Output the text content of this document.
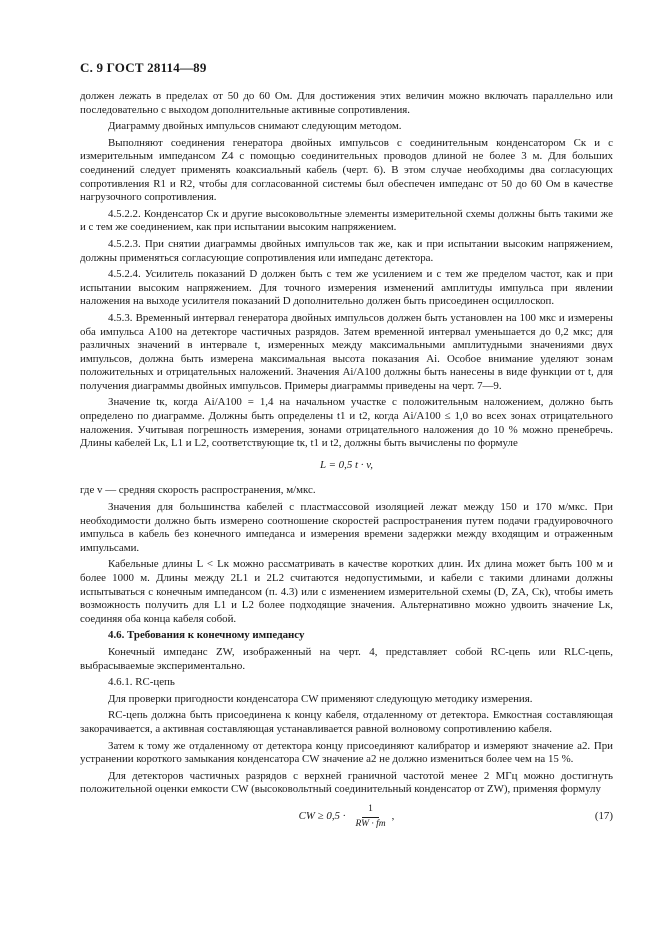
С. 9 ГОСТ 28114—89

должен лежать в пределах от 50 до 60 Ом. Для достижения этих величин можно включать параллельно или последовательно с выходом дополнительные активные сопротивления.

Диаграмму двойных импульсов снимают следующим методом.

Выполняют соединения генератора двойных импульсов с соединительным конденсатором Cк и с измерительным импедансом Z4 с помощью соединительных проводов длиной не более 3 м. Для больших соединений следует применять коаксиальный кабель (черт. 6). В этом случае необходимы два согласующих сопротивления R1 и R2, чтобы для согласованной системы был обеспечен импеданс от 50 до 60 Ом в качестве нагрузочного сопротивления.

4.5.2.2. Конденсатор Cк и другие высоковольтные элементы измерительной схемы должны быть такими же и с тем же соединением, как при испытании высоким напряжением.

4.5.2.3. При снятии диаграммы двойных импульсов так же, как и при испытании высоким напряжением, должны применяться согласующие сопротивления или импеданс детектора.

4.5.2.4. Усилитель показаний D должен быть с тем же усилением и с тем же пределом частот, как и при испытании высоким напряжением. Для точного измерения изменений амплитуды импульса при явлении наложения на выходе усилителя показаний D дополнительно должен быть присоединен осциллоскоп.

4.5.3. Временный интервал генератора двойных импульсов должен быть установлен на 100 мкс и измерены оба импульса A100 на детекторе частичных разрядов. Затем временной интервал уменьшается до 0,2 мкс; для различных значений в интервале t, измеренных между максимальными амплитудными значениями двух импульсов, должна быть измерена максимальная высота показания Ai. Особое внимание уделяют зонам положительных и отрицательных наложений. Значения Ai/A100 должны быть нанесены в виде функции от t, для получения диаграммы двойных импульсов. Примеры диаграммы приведены на черт. 7—9.

Значение tк, когда Ai/A100 = 1,4 на начальном участке с положительным наложением, должно быть определено по диаграмме. Должны быть определены t1 и t2, когда Ai/A100 ≤ 1,0 во всех зонах отрицательного наложения. Учитывая погрешность измерения, зонами отрицательного наложения до 10 % можно пренебречь. Длины кабелей Lк, L1 и L2, соответствующие tк, t1 и t2, должны быть вычислены по формуле

L = 0,5 t · v,

где v — средняя скорость распространения, м/мкс.

Значения для большинства кабелей с пластмассовой изоляцией лежат между 150 и 170 м/мкс. При необходимости должно быть измерено соотношение скоростей распространения путем подачи градуировочного импульса в кабель без конечного импеданса и измерения времени задержки между входящим и отраженным импульсами.

Кабельные длины L < Lк можно рассматривать в качестве коротких длин. Их длина может быть 100 м и более 1000 м. Длины между 2L1 и 2L2 считаются недопустимыми, и кабели с такими длинами должны испытываться с конечным импедансом (п. 4.3) или с изменением измерительной схемы (D, ZA, Cк), чтобы иметь возможность получить для L1 и L2 более подходящие значения. Альтернативно можно удвоить значение Lк, соединяя оба конца кабеля собой.

4.6. Требования к конечному импедансу

Конечный импеданс ZW, изображенный на черт. 4, представляет собой RC-цепь или RLC-цепь, выбрасываемые экспериментально.

4.6.1. RC-цепь

Для проверки пригодности конденсатора CW применяют следующую методику измерения.

RC-цепь должна быть присоединена к концу кабеля, отдаленному от детектора. Емкостная составляющая закорачивается, а активная составляющая устанавливается равной волновому сопротивлению кабеля.

Затем к тому же отдаленному от детектора концу присоединяют калибратор и измеряют значение a2. При устранении короткого замыкания конденсатора CW значение a2 не должно измениться более чем на 15 %.

Для детекторов частичных разрядов с верхней граничной частотой менее 2 МГц можно достигнуть положительной оценки емкости CW (высоковольтный соединительный конденсатор от ZW), применяя формулу

CW ≥ $0,5 \cdot \frac{1}{RW \cdot fm}$ ,	(17)
